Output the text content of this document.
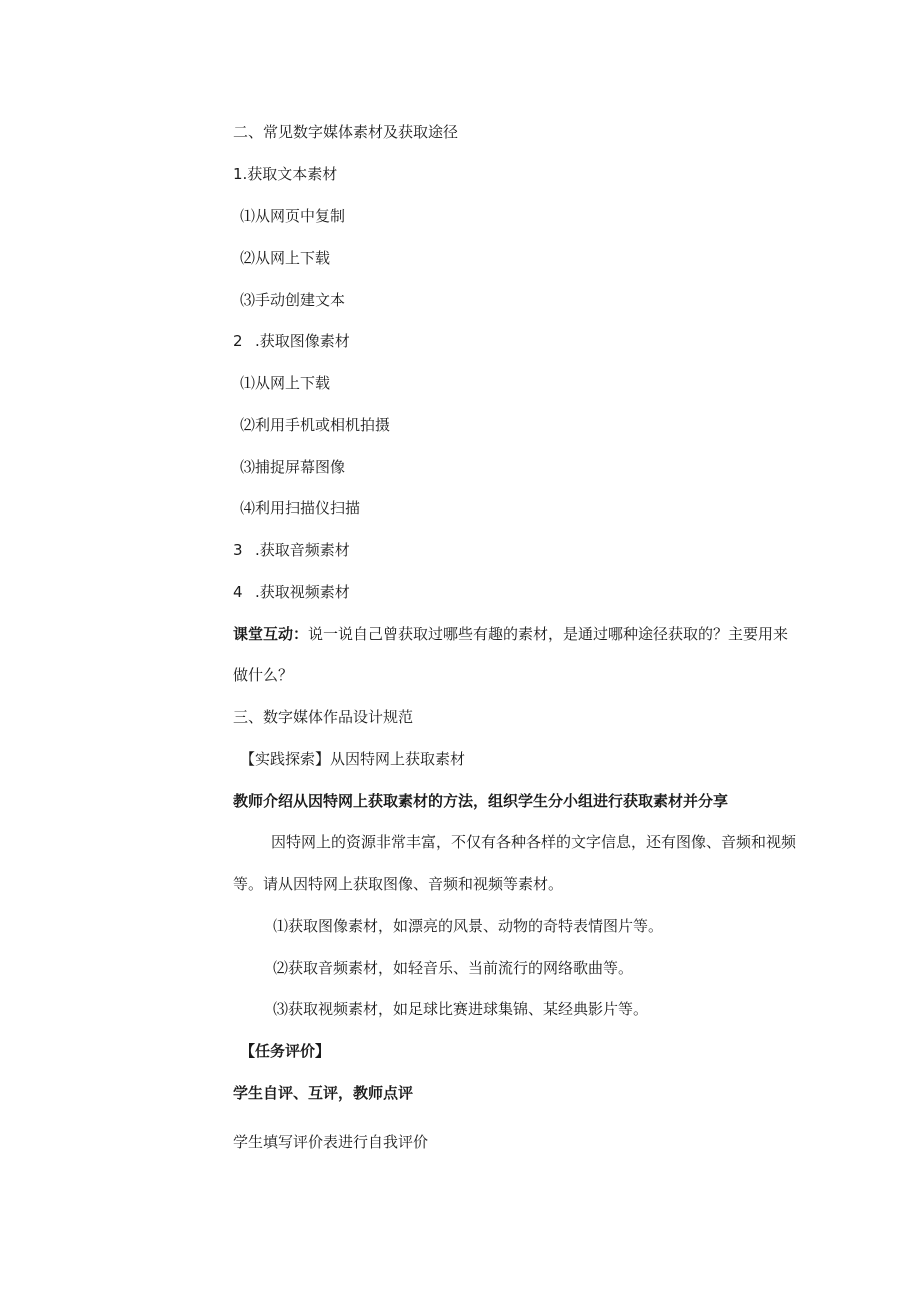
二、常见数字媒体素材及获取途径
1.获取文本素材
⑴从网页中复制
⑵从网上下载
⑶手动创建文本
2 .获取图像素材
⑴从网上下载
⑵利用手机或相机拍摄
⑶捕捉屏幕图像
⑷利用扫描仪扫描
3 .获取音频素材
4 .获取视频素材
课堂互动：说一说自己曾获取过哪些有趣的素材，是通过哪种途径获取的？主要用来
做什么？
三、数字媒体作品设计规范
【实践探索】从因特网上获取素材
教师介绍从因特网上获取素材的方法，组织学生分小组进行获取素材并分享
因特网上的资源非常丰富，不仅有各种各样的文字信息，还有图像、音频和视频
等。请从因特网上获取图像、音频和视频等素材。
⑴获取图像素材，如漂亮的风景、动物的奇特表情图片等。
⑵获取音频素材，如轻音乐、当前流行的网络歌曲等。
⑶获取视频素材，如足球比赛进球集锦、某经典影片等。
【任务评价】
学生自评、互评，教师点评
学生填写评价表进行自我评价
